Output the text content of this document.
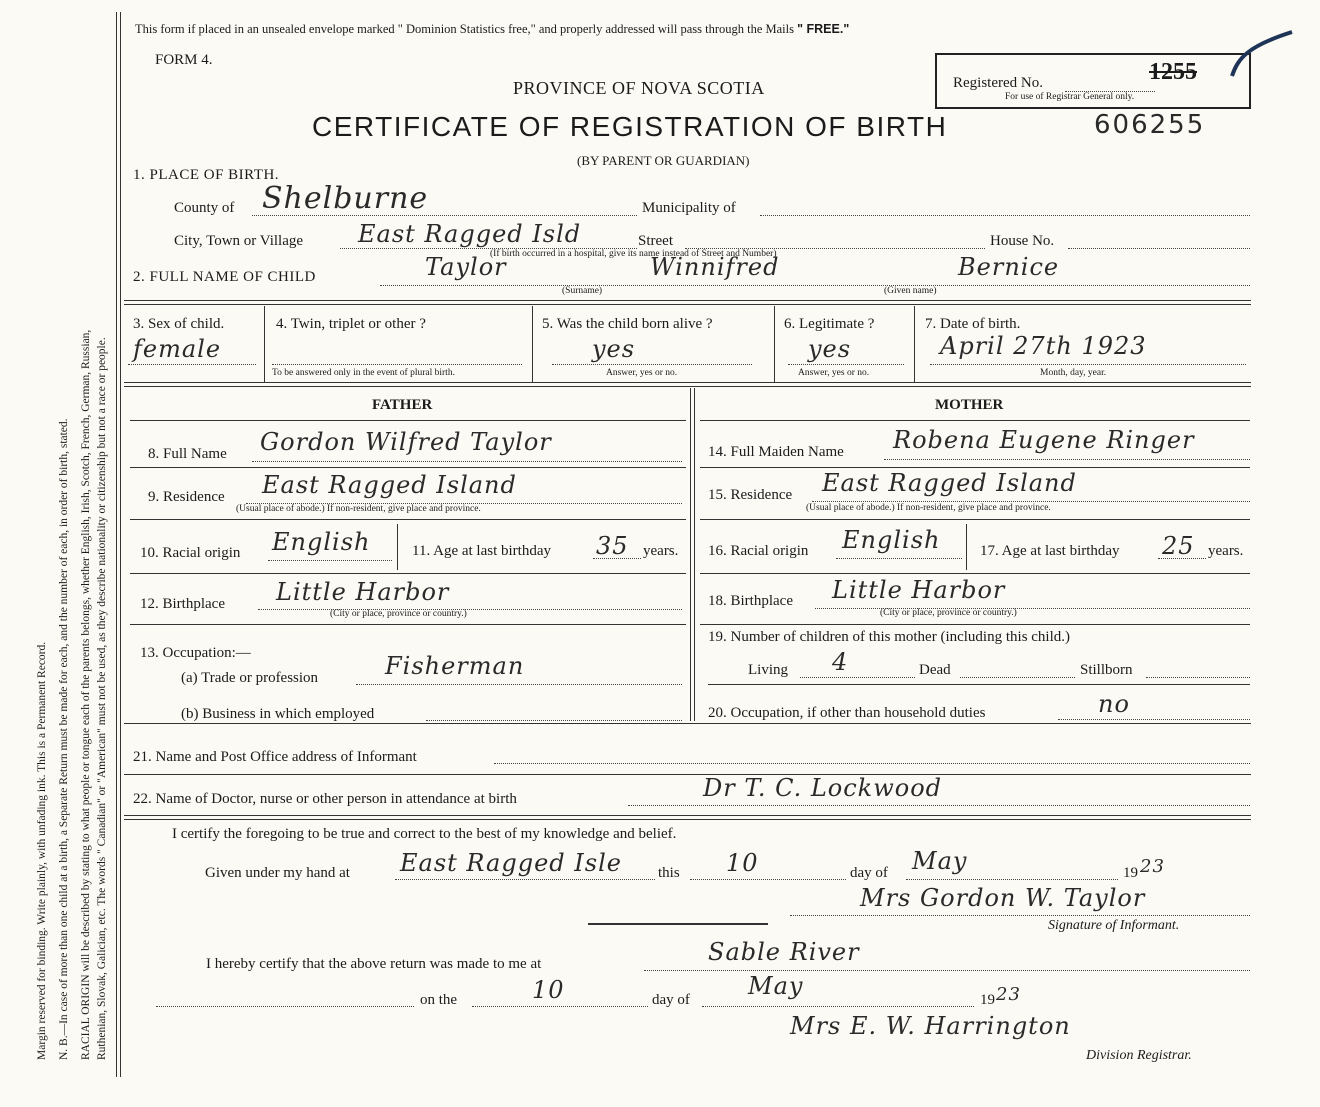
Margin reserved for binding. Write plainly, with unfading ink. This is a Permanent Record. N. B.—In case of more than one child at a birth, a Separate Return must be made for each, and the number of each, in order of birth, stated. RACIAL ORIGIN will be described by stating to what people or tongue each of the parents belongs, whether English, Irish, Scotch, French, German, Russian, Ruthenian, Slovak, Galician, etc. The words " Canadian" or "American" must not be used, as they describe nationality or citizenship but not a race or people.
This form if placed in an unsealed envelope marked " Dominion Statistics free," and properly addressed will pass through the Mails " FREE."
FORM 4.
PROVINCE OF NOVA SCOTIA
CERTIFICATE OF REGISTRATION OF BIRTH
(BY PARENT OR GUARDIAN)
606255
Registered No.	1255
For use of Registrar General only.
1. PLACE OF BIRTH.
County of Shelburne	Municipality of
City, Town or Village East Ragged Isld	Street
(If birth occurred in a hospital, give its name instead of Street and Number)
House No.
2. FULL NAME OF CHILD	Taylor	Winnifred	Bernice
(Surname)	(Given name)
3. Sex of child.
female
4. Twin, triplet or other ?
To be answered only in the event of plural birth.
5. Was the child born alive ?
yes
Answer, yes or no.
6. Legitimate ?
yes
Answer, yes or no.
7. Date of birth.
April 27th 1923
Month, day, year.
FATHER	MOTHER
8. Full Name Gordon Wilfred Taylor	14. Full Maiden Name Robena Eugene Ringer
9. Residence East Ragged Island
(Usual place of abode.) If non-resident, give place and province.
15. Residence East Ragged Island
(Usual place of abode.) If non-resident, give place and province.
10. Racial origin English	11. Age at last birthday 35 years. 16. Racial origin English	17. Age at last birthday 25 years.
12. Birthplace Little Harbor
(City or place, province or country.)
18. Birthplace Little Harbor
(City or place, province or country.)
13. Occupation:—
(a) Trade or profession	Fisherman
(b) Business in which employed
19. Number of children of this mother (including this child.)
Living 4	Dead	Stillborn
20. Occupation, if other than household duties	no
21. Name and Post Office address of Informant
22. Name of Doctor, nurse or other person in attendance at birth	Dr T. C. Lockwood
I certify the foregoing to be true and correct to the best of my knowledge and belief.
Given under my hand at East Ragged Isle this 10	day of May	19 23
Mrs Gordon W. Taylor
Signature of Informant.
I hereby certify that the above return was made to me at	Sable River
on the	10	day of May	19 23
Mrs E. W. Harrington
Division Registrar.
